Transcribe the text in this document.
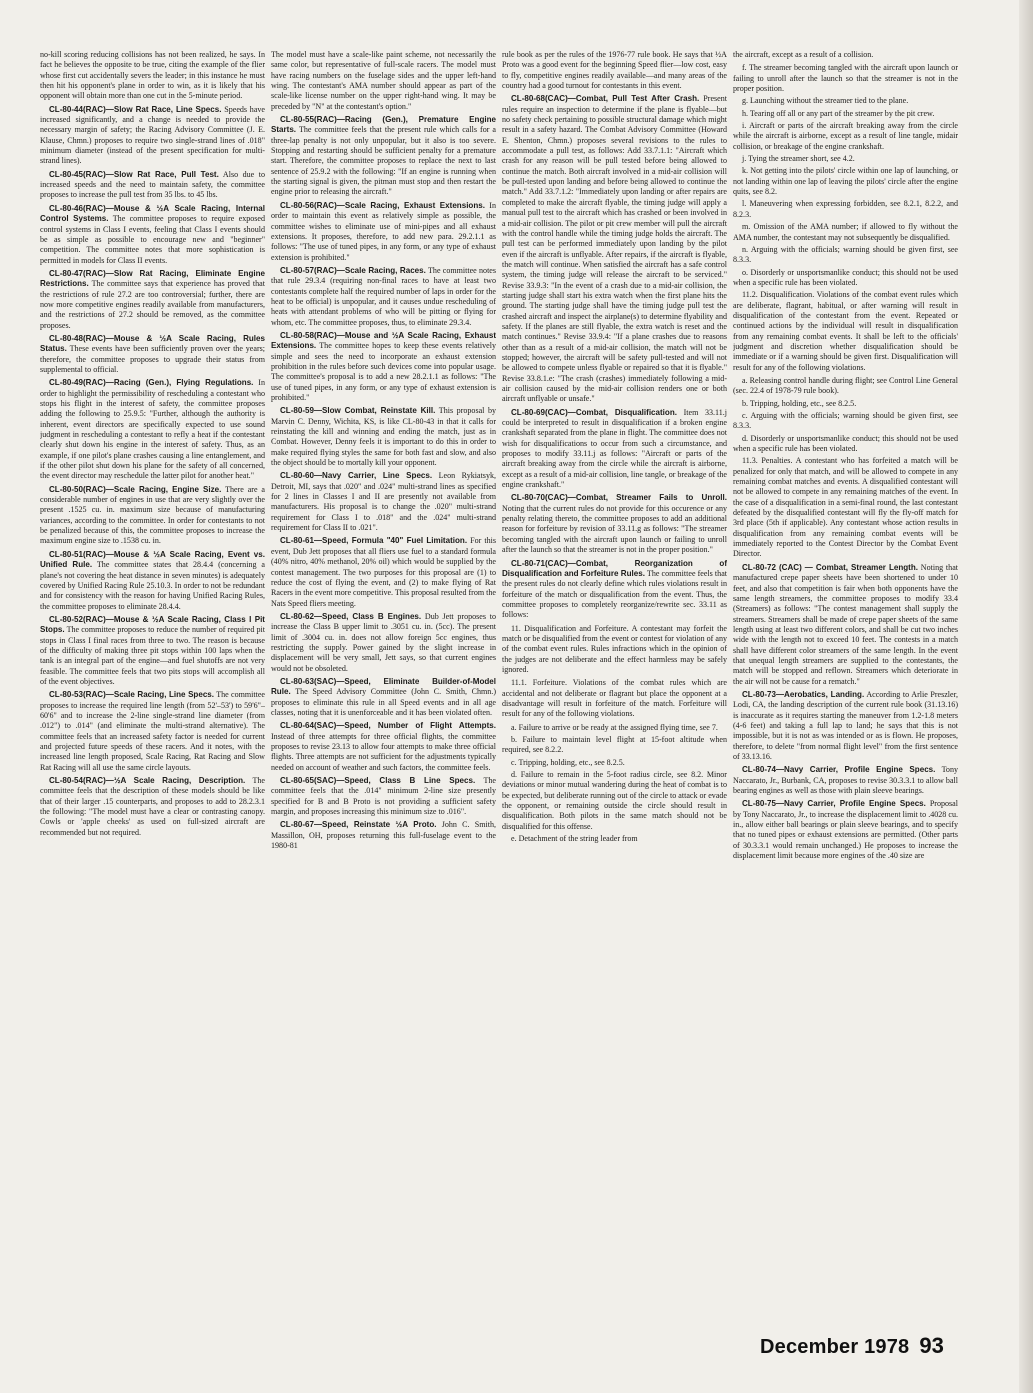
no-kill scoring reducing collisions has not been realized, he says. In fact he believes the opposite to be true, citing the example of the flier whose first cut accidentally severs the leader; in this instance he must then hit his opponent's plane in order to win, as it is likely that his opponent will obtain more than one cut in the 5-minute period.

CL-80-44(RAC)—Slow Rat Race, Line Specs. Speeds have increased significantly, and a change is needed to provide the necessary margin of safety; the Racing Advisory Committee (J. E. Klause, Chmn.) proposes to require two single-strand lines of .018" minimum diameter (instead of the present specification for multi-strand lines).

CL-80-45(RAC)—Slow Rat Race, Pull Test. Also due to increased speeds and the need to maintain safety, the committee proposes to increase the pull test from 35 lbs. to 45 lbs.

CL-80-46(RAC)—Mouse & ½A Scale Racing, Internal Control Systems. The committee proposes to require exposed control systems in Class I events, feeling that Class I events should be as simple as possible to encourage new and "beginner" competition. The committee notes that more sophistication is permitted in models for Class II events.

CL-80-47(RAC)—Slow Rat Racing, Eliminate Engine Restrictions. The committee says that experience has proved that the restrictions of rule 27.2 are too controversial; further, there are now more competitive engines readily available from manufacturers, and the restrictions of 27.2 should be removed, as the committee proposes.

CL-80-48(RAC)—Mouse & ½A Scale Racing, Rules Status. These events have been sufficiently proven over the years; therefore, the committee proposes to upgrade their status from supplemental to official.

CL-80-49(RAC)—Racing (Gen.), Flying Regulations. In order to highlight the permissibility of rescheduling a contestant who stops his flight in the interest of safety, the committee proposes adding the following to 25.9.5: "Further, although the authority is inherent, event directors are specifically expected to use sound judgment in rescheduling a contestant to refly a heat if the contestant clearly shut down his engine in the interest of safety. Thus, as an example, if one pilot's plane crashes causing a line entanglement, and if the other pilot shut down his plane for the safety of all concerned, the event director may reschedule the latter pilot for another heat."

CL-80-50(RAC)—Scale Racing, Engine Size. There are a considerable number of engines in use that are very slightly over the present .1525 cu. in. maximum size because of manufacturing variances, according to the committee. In order for contestants to not be penalized because of this, the committee proposes to increase the maximum engine size to .1538 cu. in.

CL-80-51(RAC)—Mouse & ½A Scale Racing, Event vs. Unified Rule. The committee states that 28.4.4 (concerning a plane's not covering the heat distance in seven minutes) is adequately covered by Unified Racing Rule 25.10.3. In order to not be redundant and for consistency with the reason for having Unified Racing Rules, the committee proposes to eliminate 28.4.4.

CL-80-52(RAC)—Mouse & ½A Scale Racing, Class I Pit Stops. The committee proposes to reduce the number of required pit stops in Class I final races from three to two. The reason is because of the difficulty of making three pit stops within 100 laps when the tank is an integral part of the engine—and fuel shutoffs are not very feasible. The committee feels that two pits stops will accomplish all of the event objectives.

CL-80-53(RAC)—Scale Racing, Line Specs. The committee proposes to increase the required line length (from 52'–53') to 59'6"–60'6" and to increase the 2-line single-strand line diameter (from .012") to .014" (and eliminate the multi-strand alternative). The committee feels that an increased safety factor is needed for current and projected future speeds of these racers. And it notes, with the increased line length proposed, Scale Racing, Rat Racing and Slow Rat Racing will all use the same circle layouts.

CL-80-54(RAC)—½A Scale Racing, Description. The committee feels that the description of these models should be like that of their larger .15 counterparts, and proposes to add to 28.2.3.1 the following: "The model must have a clear or contrasting canopy. Cowls or 'apple cheeks' as used on full-sized aircraft are recommended but not required.

The model must have a scale-like paint scheme, not necessarily the same color, but representative of full-scale racers. The model must have racing numbers on the fuselage sides and the upper left-hand wing. The contestant's AMA number should appear as part of the scale-like license number on the upper right-hand wing. It may be preceded by "N" at the contestant's option."

CL-80-55(RAC)—Racing (Gen.), Premature Engine Starts. The committee feels that the present rule which calls for a three-lap penalty is not only unpopular, but it also is too severe. Stopping and restarting should be sufficient penalty for a premature start. Therefore, the committee proposes to replace the next to last sentence of 25.9.2 with the following: "If an engine is running when the starting signal is given, the pitman must stop and then restart the engine prior to releasing the aircraft."

CL-80-56(RAC)—Scale Racing, Exhaust Extensions. In order to maintain this event as relatively simple as possible, the committee wishes to eliminate use of mini-pipes and all exhaust extensions. It proposes, therefore, to add new para. 29.2.1.1 as follows: "The use of tuned pipes, in any form, or any type of exhaust extension is prohibited."

CL-80-57(RAC)—Scale Racing, Races. The committee notes that rule 29.3.4 (requiring non-final races to have at least two contestants complete half the required number of laps in order for the heat to be official) is unpopular, and it causes undue rescheduling of heats with attendant problems of who will be pitting or flying for whom, etc. The committee proposes, thus, to eliminate 29.3.4.

CL-80-58(RAC)—Mouse and ½A Scale Racing, Exhaust Extensions. The committee hopes to keep these events relatively simple and sees the need to incorporate an exhaust extension prohibition in the rules before such devices come into popular usage. The committee's proposal is to add a new 28.2.1.1 as follows: "The use of tuned pipes, in any form, or any type of exhaust extension is prohibited."

CL-80-59—Slow Combat, Reinstate Kill. This proposal by Marvin C. Denny, Wichita, KS, is like CL-80-43 in that it calls for reinstating the kill and winning and ending the match, just as in Combat. However, Denny feels it is important to do this in order to make required flying styles the same for both fast and slow, and also the object should be to mortally kill your opponent.

CL-80-60—Navy Carrier, Line Specs. Leon Rykiatsyk, Detroit, MI, says that .020" and .024" multi-strand lines as specified for 2 lines in Classes I and II are presently not available from manufacturers. His proposal is to change the .020" multi-strand requirement for Class I to .018" and the .024" multi-strand requirement for Class II to .021".

CL-80-61—Speed, Formula "40" Fuel Limitation. For this event, Dub Jett proposes that all fliers use fuel to a standard formula (40% nitro, 40% methanol, 20% oil) which would be supplied by the contest management. The two purposes for this proposal are (1) to reduce the cost of flying the event, and (2) to make flying of Rat Racers in the event more competitive. This proposal resulted from the Nats Speed fliers meeting.

CL-80-62—Speed, Class B Engines. Dub Jett proposes to increase the Class B upper limit to .3051 cu. in. (5cc). The present limit of .3004 cu. in. does not allow foreign 5cc engines, thus restricting the supply. Power gained by the slight increase in displacement will be very small, Jett says, so that current engines would not be obsoleted.

CL-80-63(SAC)—Speed, Eliminate Builder-of-Model Rule. The Speed Advisory Committee (John C. Smith, Chmn.) proposes to eliminate this rule in all Speed events and in all age classes, noting that it is unenforceable and it has been violated often.

CL-80-64(SAC)—Speed, Number of Flight Attempts. Instead of three attempts for three official flights, the committee proposes to revise 23.13 to allow four attempts to make three official flights. Three attempts are not sufficient for the adjustments typically needed on account of weather and such factors, the committee feels.

CL-80-65(SAC)—Speed, Class B Line Specs. The committee feels that the .014" minimum 2-line size presently specified for B and B Proto is not providing a sufficient safety margin, and proposes increasing this minimum size to .016".

CL-80-67—Speed, Reinstate ½A Proto. John C. Smith, Massillon, OH, proposes returning this full-fuselage event to the 1980-81

rule book as per the rules of the 1976-77 rule book. He says that ½A Proto was a good event for the beginning Speed flier—low cost, easy to fly, competitive engines readily available—and many areas of the country had a good turnout for contestants in this event.

CL-80-68(CAC)—Combat, Pull Test After Crash. Present rules require an inspection to determine if the plane is flyable—but no safety check pertaining to possible structural damage which might result in a safety hazard. The Combat Advisory Committee (Howard E. Shenton, Chmn.) proposes several revisions to the rules to accommodate a pull test, as follows: Add 33.7.1.1: "Aircraft which crash for any reason will be pull tested before being allowed to continue the match. Both aircraft involved in a mid-air collision will be pull-tested upon landing and before being allowed to continue the match." Add 33.7.1.2: "Immediately upon landing or after repairs are completed to make the aircraft flyable, the timing judge will apply a manual pull test to the aircraft which has crashed or been involved in a mid-air collision. The pilot or pit crew member will pull the aircraft with the control handle while the timing judge holds the aircraft. The pull test can be performed immediately upon landing by the pilot even if the aircraft is unflyable. After repairs, if the aircraft is flyable, the match will continue. When satisfied the aircraft has a safe control system, the timing judge will release the aircraft to be serviced." Revise 33.9.3: "In the event of a crash due to a mid-air collision, the starting judge shall start his extra watch when the first plane hits the ground. The starting judge shall have the timing judge pull test the crashed aircraft and inspect the airplane(s) to determine flyability and safety. If the planes are still flyable, the extra watch is reset and the match continues." Revise 33.9.4: "If a plane crashes due to reasons other than as a result of a mid-air collision, the match will not be stopped; however, the aircraft will be safety pull-tested and will not be allowed to compete unless flyable or repaired so that it is flyable." Revise 33.8.1.e: "The crash (crashes) immediately following a mid-air collision caused by the mid-air collision renders one or both aircraft unflyable or unsafe."

CL-80-69(CAC)—Combat, Disqualification. Item 33.11.j could be interpreted to result in disqualification if a broken engine crankshaft separated from the plane in flight. The committee does not wish for disqualifications to occur from such a circumstance, and proposes to modify 33.11.j as follows: "Aircraft or parts of the aircraft breaking away from the circle while the aircraft is airborne, except as a result of a mid-air collision, line tangle, or breakage of the engine crankshaft."

CL-80-70(CAC)—Combat, Streamer Fails to Unroll. Noting that the current rules do not provide for this occurence or any penalty relating thereto, the committee proposes to add an additional reason for forfeiture by revision of 33.11.g as follows: "The streamer becoming tangled with the aircraft upon launch or failing to unroll after the launch so that the streamer is not in the proper position."

CL-80-71(CAC)—Combat, Reorganization of Disqualification and Forfeiture Rules. The committee feels that the present rules do not clearly define which rules violations result in forfeiture of the match or disqualification from the event. Thus, the committee proposes to completely reorganize/rewrite sec. 33.11 as follows:

11. Disqualification and Forfeiture. A contestant may forfeit the match or be disqualified from the event or contest for violation of any of the combat event rules. Rules infractions which in the opinion of the judges are not deliberate and the effect harmless may be safely ignored.

11.1. Forfeiture. Violations of the combat rules which are accidental and not deliberate or flagrant but place the opponent at a disadvantage will result in forfeiture of the match. Forfeiture will result for any of the following violations.

a. Failure to arrive or be ready at the assigned flying time, see 7.

b. Failure to maintain level flight at 15-foot altitude when required, see 8.2.2.

c. Tripping, holding, etc., see 8.2.5.

d. Failure to remain in the 5-foot radius circle, see 8.2. Minor deviations or minor mutual wandering during the heat of combat is to be expected, but deliberate running out of the circle to attack or evade the opponent, or remaining outside the circle should result in disqualification. Both pilots in the same match should not be disqualified for this offense.

e. Detachment of the string leader from

the aircraft, except as a result of a collision.

f. The streamer becoming tangled with the aircraft upon launch or failing to unroll after the launch so that the streamer is not in the proper position.

g. Launching without the streamer tied to the plane.

h. Tearing off all or any part of the streamer by the pit crew.

i. Aircraft or parts of the aircraft breaking away from the circle while the aircraft is airborne, except as a result of line tangle, midair collision, or breakage of the engine crankshaft.

j. Tying the streamer short, see 4.2.

k. Not getting into the pilots' circle within one lap of launching, or not landing within one lap of leaving the pilots' circle after the engine quits, see 8.2.

l. Maneuvering when expressing forbidden, see 8.2.1, 8.2.2, and 8.2.3.

m. Omission of the AMA number; if allowed to fly without the AMA number, the contestant may not subsequently be disqualified.

n. Arguing with the officials; warning should be given first, see 8.3.3.

o. Disorderly or unsportsmanlike conduct; this should not be used when a specific rule has been violated.

11.2. Disqualification. Violations of the combat event rules which are deliberate, flagrant, habitual, or after warning will result in disqualification of the contestant from the event. Repeated or continued actions by the individual will result in disqualification from any remaining combat events. It shall be left to the officials' judgment and discretion whether disqualification should be immediate or if a warning should be given first. Disqualification will result for any of the following violations.

a. Releasing control handle during flight; see Control Line General (sec. 22.4 of 1978-79 rule book).

b. Tripping, holding, etc., see 8.2.5.

c. Arguing with the officials; warning should be given first, see 8.3.3.

d. Disorderly or unsportsmanlike conduct; this should not be used when a specific rule has been violated.

11.3. Penalties. A contestant who has forfeited a match will be penalized for only that match, and will be allowed to compete in any remaining combat matches and events. A disqualified contestant will not be allowed to compete in any remaining matches of the event. In the case of a disqualification in a semi-final round, the last contestant defeated by the disqualified contestant will fly the fly-off match for 3rd place (5th if applicable). Any contestant whose action results in disqualification from any remaining combat events will be immediately reported to the Contest Director by the Combat Event Director.

CL-80-72 (CAC) — Combat, Streamer Length. Noting that manufactured crepe paper sheets have been shortened to under 10 feet, and also that competition is fair when both opponents have the same length streamers, the committee proposes to modify 33.4 (Streamers) as follows: "The contest management shall supply the streamers. Streamers shall be made of crepe paper sheets of the same length using at least two different colors, and shall be cut two inches wide with the length not to exceed 10 feet. The contests in a match shall have different color streamers of the same length. In the event that unequal length streamers are supplied to the contestants, the match will be stopped and reflown. Streamers which deteriorate in the air will not be cause for a rematch."

CL-80-73—Aerobatics, Landing. According to Arlie Preszler, Lodi, CA, the landing description of the current rule book (31.13.16) is inaccurate as it requires starting the maneuver from 1.2-1.8 meters (4-6 feet) and taking a full lap to land; he says that this is not impossible, but it is not as was intended or as is flown. He proposes, therefore, to delete "from normal flight level" from the first sentence of 33.13.16.

CL-80-74—Navy Carrier, Profile Engine Specs. Tony Naccarato, Jr., Burbank, CA, proposes to revise 30.3.3.1 to allow ball bearing engines as well as those with plain sleeve bearings.

CL-80-75—Navy Carrier, Profile Engine Specs. Proposal by Tony Naccarato, Jr., to increase the displacement limit to .4028 cu. in., allow either ball bearings or plain sleeve bearings, and to specify that no tuned pipes or exhaust extensions are permitted. (Other parts of 30.3.3.1 would remain unchanged.) He proposes to increase the displacement limit because more engines of the .40 size are

December 1978 93
